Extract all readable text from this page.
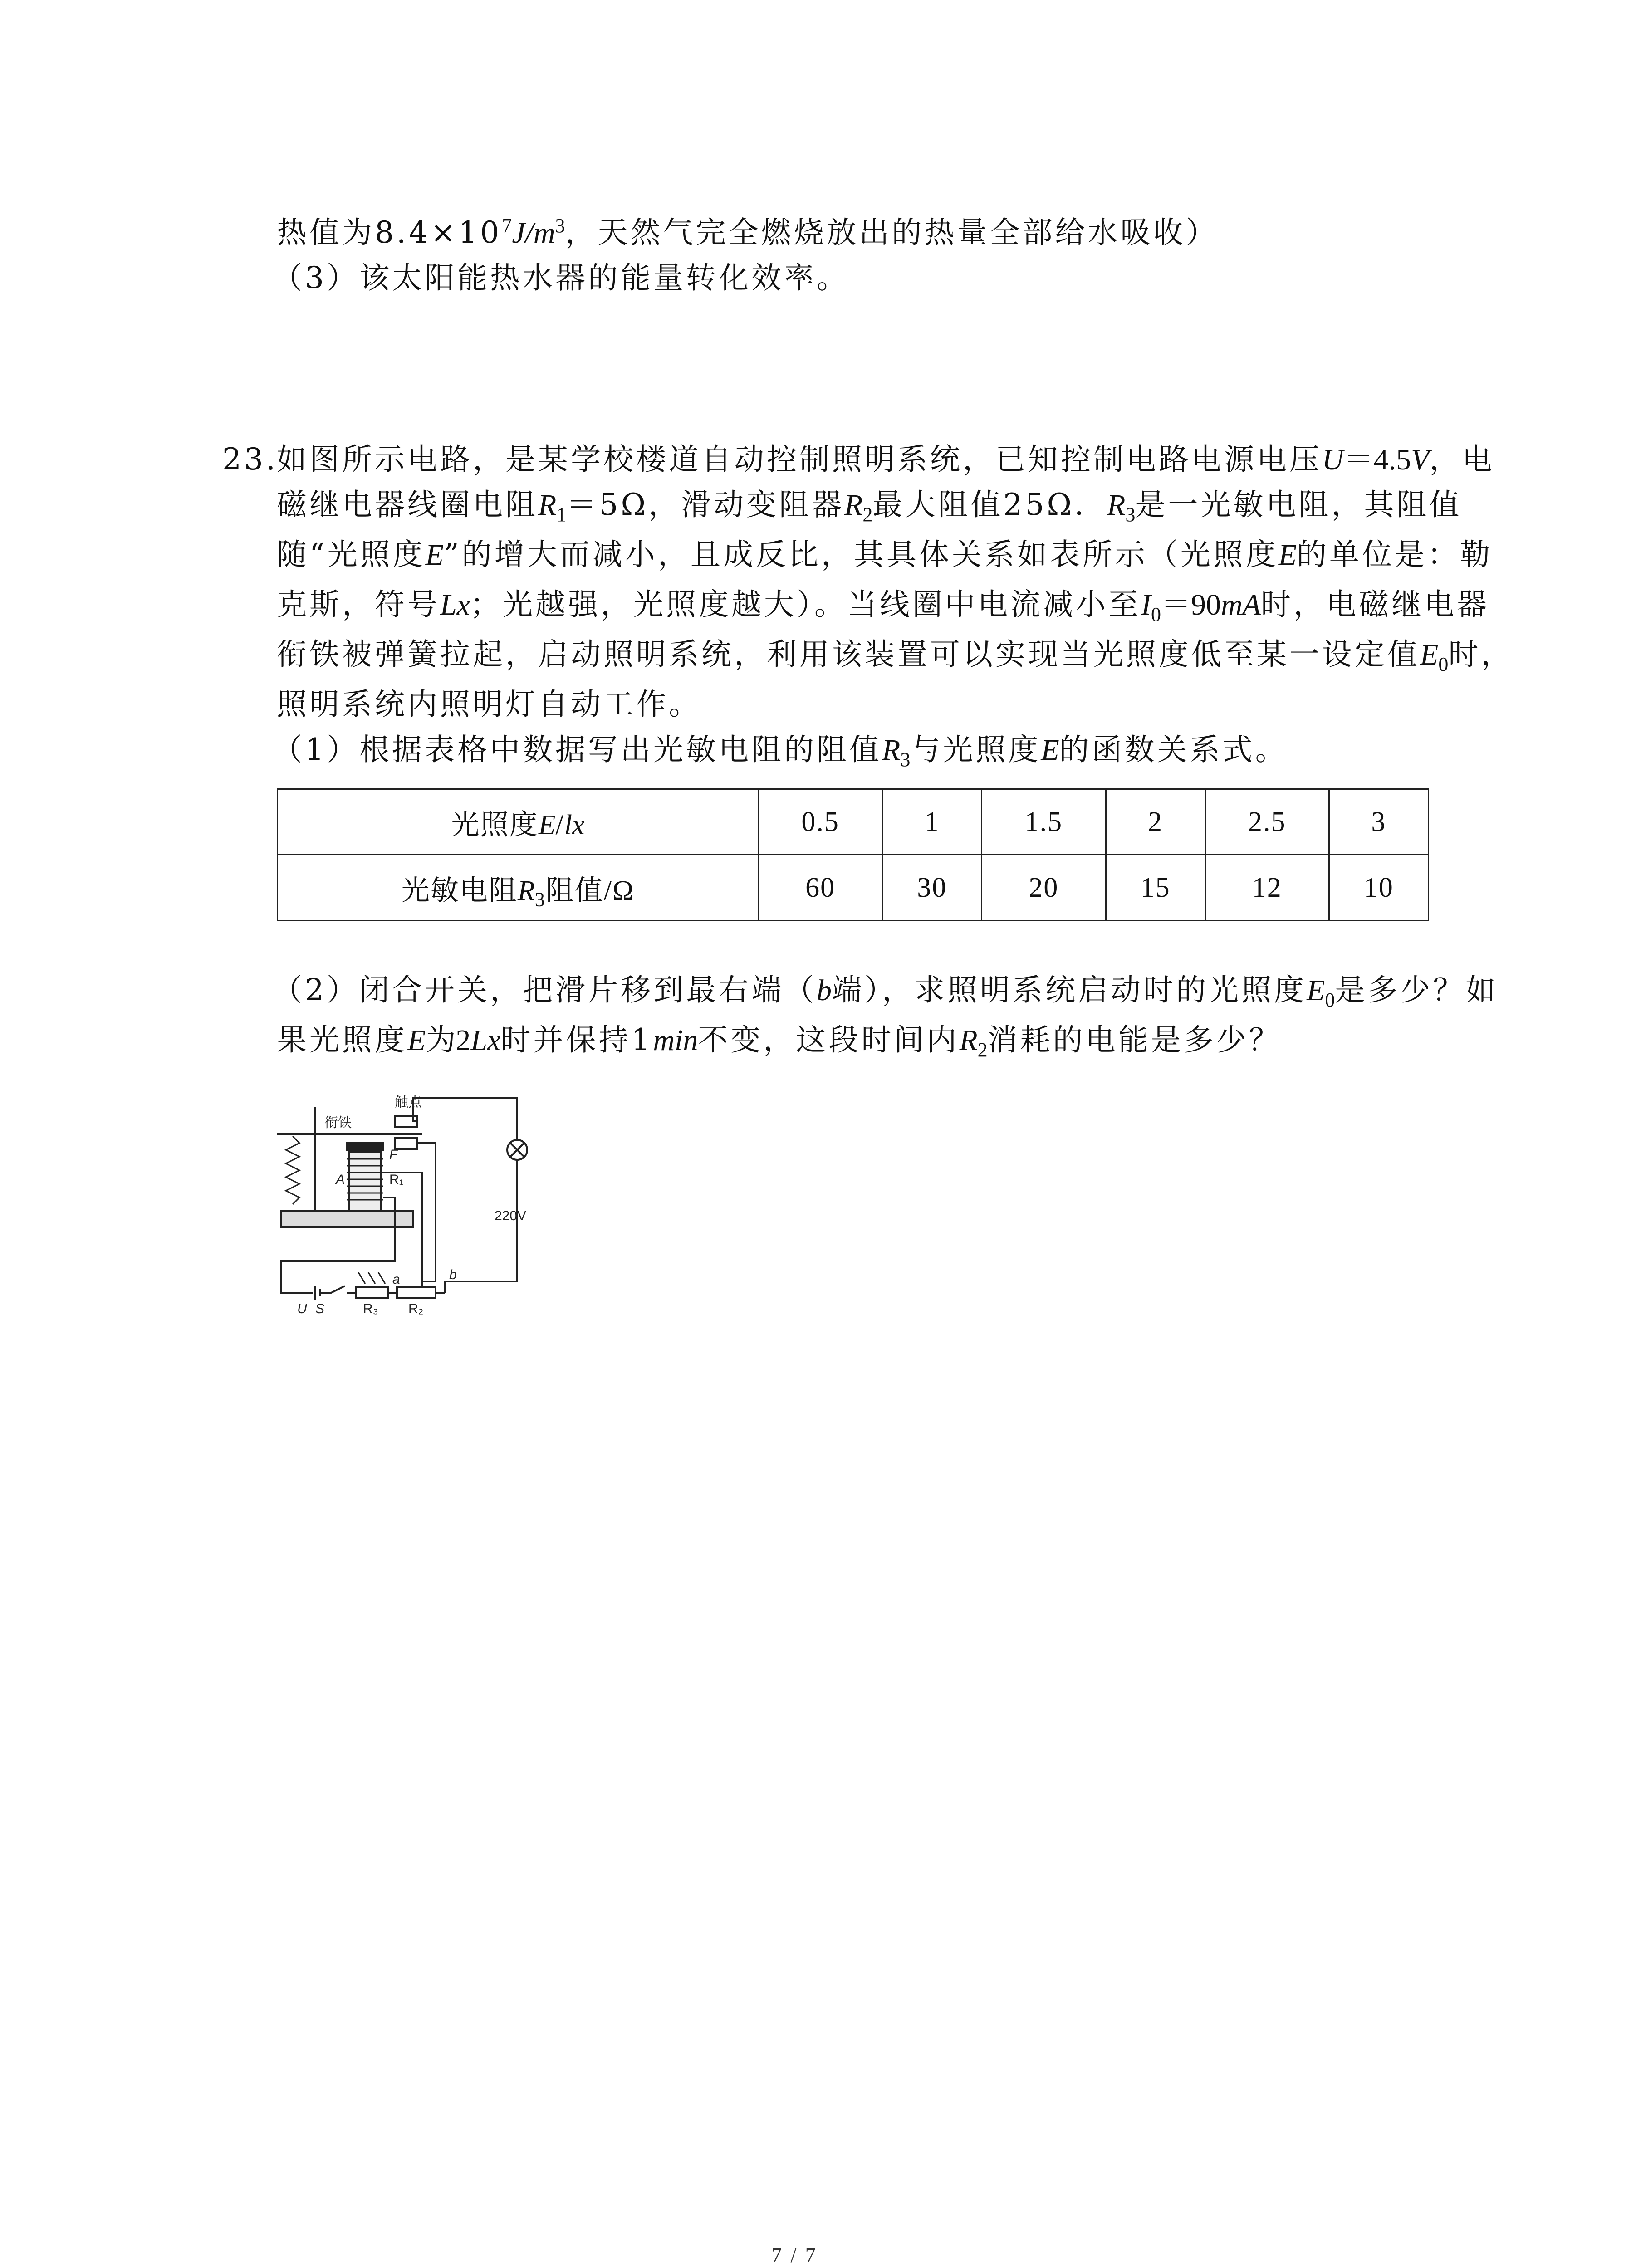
热值为$8.4\times 10^7J/m^3$，天然气完全燃烧放出的热量全部给水吸收）
（3）该太阳能热水器的能量转化效率。
23.
如图所示电路，是某学校楼道自动控制照明系统，已知控制电路电源电压U＝4.5V，电
磁继电器线圈电阻$R_1=5\Omega$，滑动变阻器$R_2$最大阻值25Ω．$R_3$是一光敏电阻，其阻值
随“光照度E”的增大而减小，且成反比，其具体关系如表所示（光照度E的单位是：勒
克斯，符号Lx；光越强，光照度越大）。当线圈中电流减小至$I_0=90mA$时，电磁继电器
衔铁被弹簧拉起，启动照明系统，利用该装置可以实现当光照度低至某一设定值$E_0$时，
照明系统内照明灯自动工作。
（1）根据表格中数据写出光敏电阻的阻值$R_3$与光照度E的函数关系式。
光照度E/lx	0.5	1	1.5	2	2.5	3
光敏电阻$R_3$阻值/Ω	60	30	20	15	12	10
（2）闭合开关，把滑片移到最右端（b端），求照明系统启动时的光照度$E_0$是多少？如
果光照度E为2Lx时并保持1min不变，这段时间内$R_2$消耗的电能是多少？
衔铁
触点
220V
A
F
R₁
a	b
U S	R₃ R₂
7 / 7
